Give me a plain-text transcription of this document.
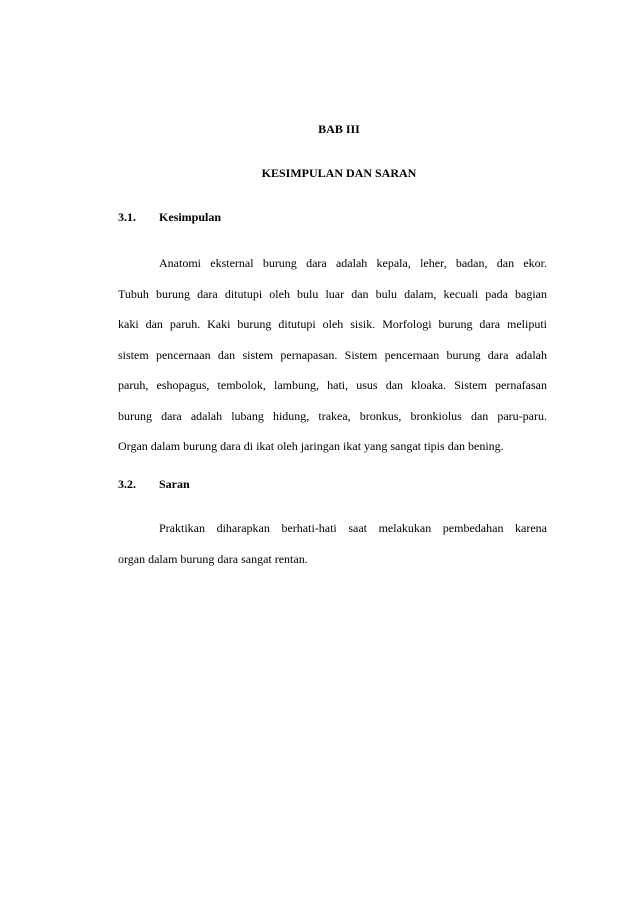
BAB III
KESIMPULAN DAN SARAN
3.1. Kesimpulan
Anatomi eksternal burung dara adalah kepala, leher, badan, dan ekor.
Tubuh burung dara ditutupi oleh bulu luar dan bulu dalam, kecuali pada bagian
kaki dan paruh. Kaki burung ditutupi oleh sisik. Morfologi burung dara meliputi
sistem pencernaan dan sistem pernapasan. Sistem pencernaan burung dara adalah
paruh, eshopagus, tembolok, lambung, hati, usus dan kloaka. Sistem pernafasan
burung dara adalah lubang hidung, trakea, bronkus, bronkiolus dan paru-paru.
Organ dalam burung dara di ikat oleh jaringan ikat yang sangat tipis dan bening.
3.2. Saran
Praktikan diharapkan berhati-hati saat melakukan pembedahan karena
organ dalam burung dara sangat rentan.
